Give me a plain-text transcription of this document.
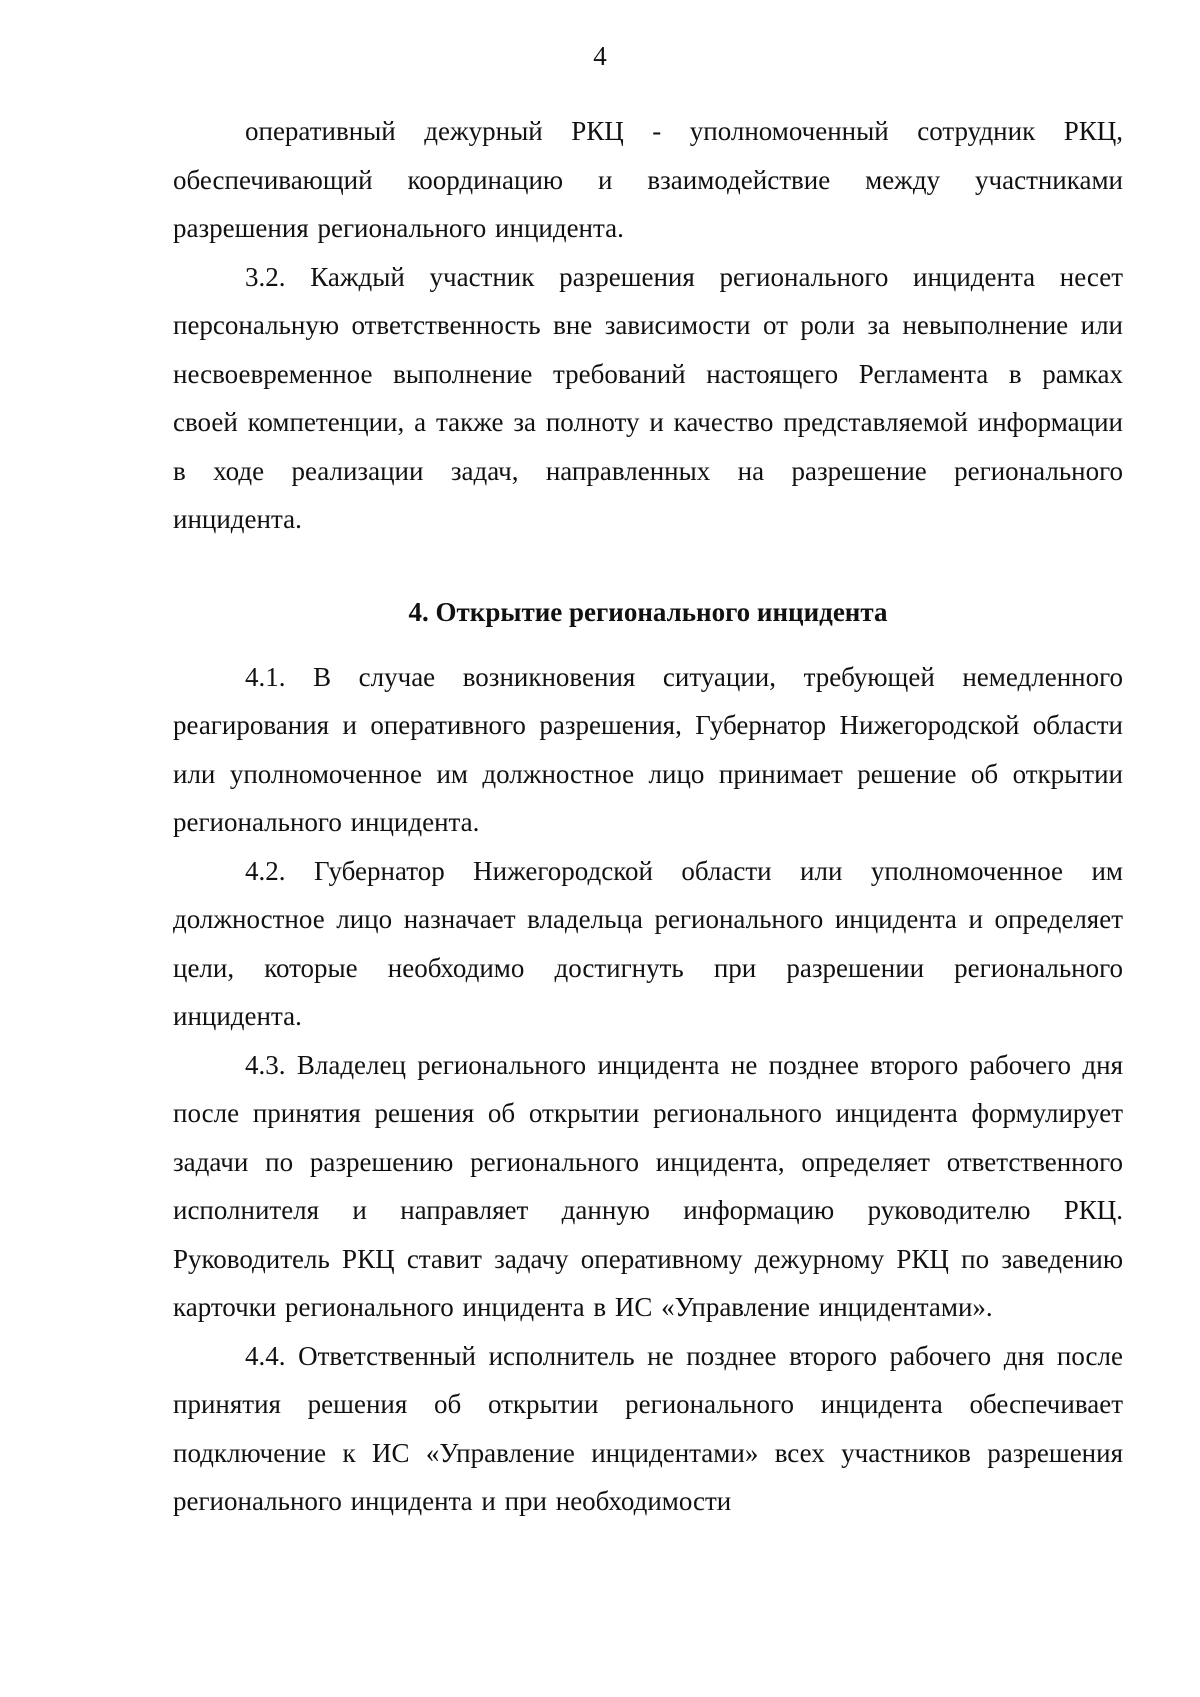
4

оперативный дежурный РКЦ - уполномоченный сотрудник РКЦ, обеспечивающий координацию и взаимодействие между участниками разрешения регионального инцидента.

3.2. Каждый участник разрешения регионального инцидента несет персональную ответственность вне зависимости от роли за невыполнение или несвоевременное выполнение требований настоящего Регламента в рамках своей компетенции, а также за полноту и качество представляемой информации в ходе реализации задач, направленных на разрешение регионального инцидента.

4. Открытие регионального инцидента

4.1. В случае возникновения ситуации, требующей немедленного реагирования и оперативного разрешения, Губернатор Нижегородской области или уполномоченное им должностное лицо принимает решение об открытии регионального инцидента.

4.2. Губернатор Нижегородской области или уполномоченное им должностное лицо назначает владельца регионального инцидента и определяет цели, которые необходимо достигнуть при разрешении регионального инцидента.

4.3. Владелец регионального инцидента не позднее второго рабочего дня после принятия решения об открытии регионального инцидента формулирует задачи по разрешению регионального инцидента, определяет ответственного исполнителя и направляет данную информацию руководителю РКЦ. Руководитель РКЦ ставит задачу оперативному дежурному РКЦ по заведению карточки регионального инцидента в ИС «Управление инцидентами».

4.4. Ответственный исполнитель не позднее второго рабочего дня после принятия решения об открытии регионального инцидента обеспечивает подключение к ИС «Управление инцидентами» всех участников разрешения регионального инцидента и при необходимости
